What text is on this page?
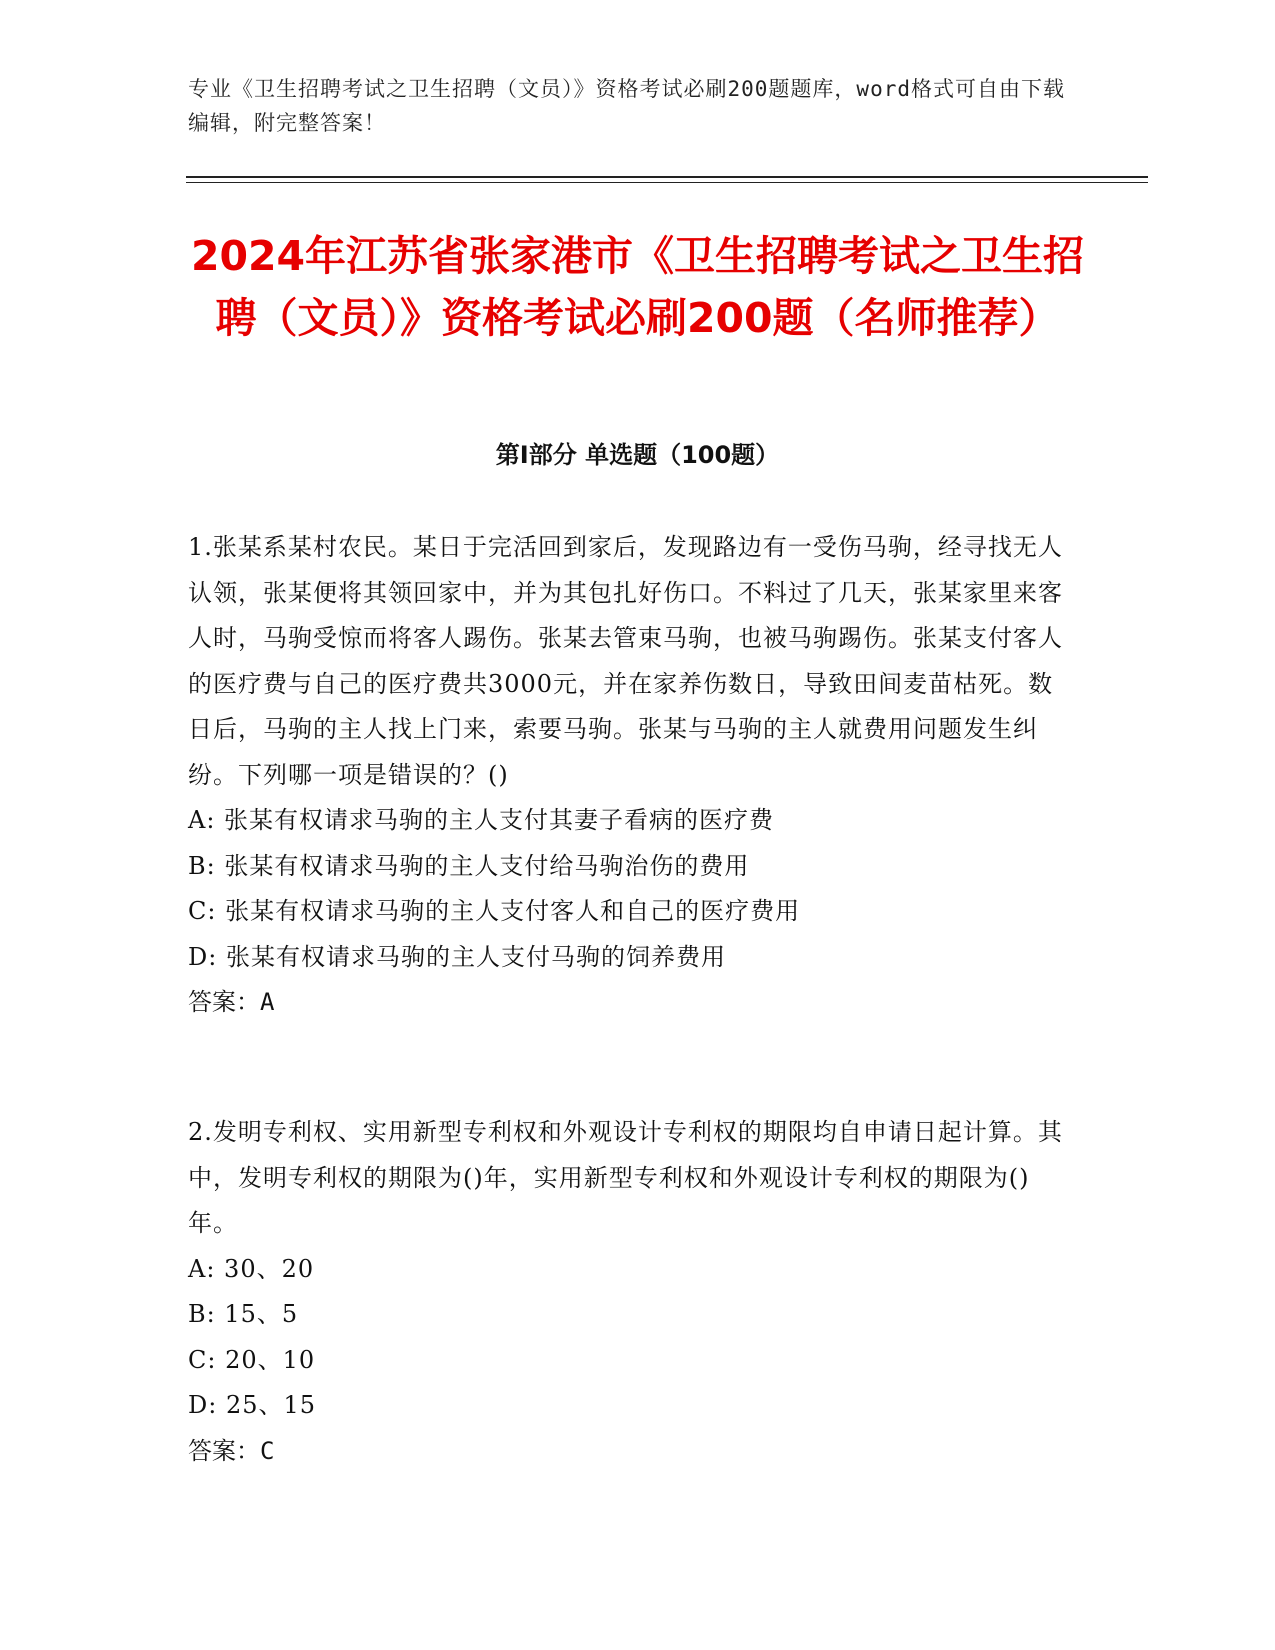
专业《卫生招聘考试之卫生招聘（文员）》资格考试必刷200题题库，word格式可自由下载编辑，附完整答案！
2024年江苏省张家港市《卫生招聘考试之卫生招聘（文员）》资格考试必刷200题（名师推荐）
第I部分 单选题（100题）

1.张某系某村农民。某日于完活回到家后，发现路边有一受伤马驹，经寻找无人认领，张某便将其领回家中，并为其包扎好伤口。不料过了几天，张某家里来客人时，马驹受惊而将客人踢伤。张某去管束马驹，也被马驹踢伤。张某支付客人的医疗费与自己的医疗费共3000元，并在家养伤数日，导致田间麦苗枯死。数日后，马驹的主人找上门来，索要马驹。张某与马驹的主人就费用问题发生纠纷。下列哪一项是错误的？()

A: 张某有权请求马驹的主人支付其妻子看病的医疗费

B: 张某有权请求马驹的主人支付给马驹治伤的费用

C: 张某有权请求马驹的主人支付客人和自己的医疗费用

D: 张某有权请求马驹的主人支付马驹的饲养费用

答案：A

2.发明专利权、实用新型专利权和外观设计专利权的期限均自申请日起计算。其中，发明专利权的期限为()年，实用新型专利权和外观设计专利权的期限为()年。

A: 30、20

B: 15、5

C: 20、10

D: 25、15

答案：C
